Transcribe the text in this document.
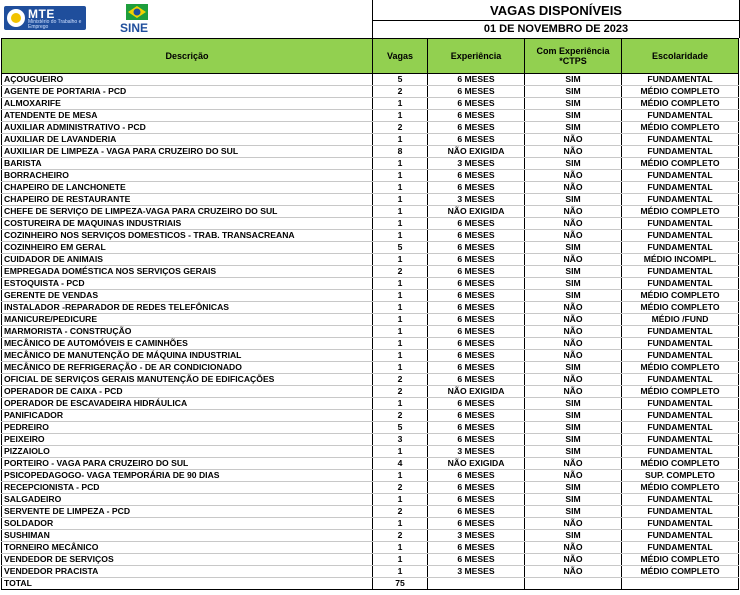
MTE
Ministério do Trabalho e Emprego	SINE
VAGAS DISPONÍVEIS
01 DE NOVEMBRO DE 2023
Descrição	Vagas	Experiência	Com Experiência *CTPS	Escolaridade
AÇOUGUEIRO	5	6 MESES	SIM	FUNDAMENTAL
AGENTE DE PORTARIA - PCD	2	6 MESES	SIM	MÉDIO COMPLETO
ALMOXARIFE	1	6 MESES	SIM	MÉDIO COMPLETO
ATENDENTE DE MESA	1	6 MESES	SIM	FUNDAMENTAL
AUXILIAR ADMINISTRATIVO - PCD	2	6 MESES	SIM	MÉDIO COMPLETO
AUXILIAR DE LAVANDERIA	1	6 MESES	NÃO	FUNDAMENTAL
AUXILIAR DE LIMPEZA - VAGA PARA CRUZEIRO DO SUL	8	NÃO EXIGIDA	NÃO	FUNDAMENTAL
BARISTA	1	3 MESES	SIM	MÉDIO COMPLETO
BORRACHEIRO	1	6 MESES	NÃO	FUNDAMENTAL
CHAPEIRO DE LANCHONETE	1	6 MESES	NÃO	FUNDAMENTAL
CHAPEIRO DE RESTAURANTE	1	3 MESES	SIM	FUNDAMENTAL
CHEFE DE SERVIÇO DE LIMPEZA-VAGA PARA CRUZEIRO DO SUL	1	NÃO EXIGIDA	NÃO	MÉDIO COMPLETO
COSTUREIRA DE MAQUINAS INDUSTRIAIS	1	6 MESES	NÃO	FUNDAMENTAL
COZINHEIRO NOS SERVIÇOS DOMESTICOS - TRAB. TRANSACREANA	1	6 MESES	NÃO	FUNDAMENTAL
COZINHEIRO EM GERAL	5	6 MESES	SIM	FUNDAMENTAL
CUIDADOR DE ANIMAIS	1	6 MESES	NÃO	MÉDIO INCOMPL.
EMPREGADA DOMÉSTICA NOS SERVIÇOS GERAIS	2	6 MESES	SIM	FUNDAMENTAL
ESTOQUISTA - PCD	1	6 MESES	SIM	FUNDAMENTAL
GERENTE DE VENDAS	1	6 MESES	SIM	MÉDIO COMPLETO
INSTALADOR -REPARADOR DE REDES TELEFÔNICAS	1	6 MESES	NÃO	MÉDIO COMPLETO
MANICURE/PEDICURE	1	6 MESES	NÃO	MÉDIO /FUND
MARMORISTA - CONSTRUÇÃO	1	6 MESES	NÃO	FUNDAMENTAL
MECÂNICO DE AUTOMÓVEIS E CAMINHÕES	1	6 MESES	NÃO	FUNDAMENTAL
MECÂNICO DE MANUTENÇÃO DE MÁQUINA INDUSTRIAL	1	6 MESES	NÃO	FUNDAMENTAL
MECÂNICO DE REFRIGERAÇÃO - DE AR CONDICIONADO	1	6 MESES	SIM	MÉDIO COMPLETO
OFICIAL DE SERVIÇOS GERAIS MANUTENÇÃO DE EDIFICAÇÕES	2	6 MESES	NÃO	FUNDAMENTAL
OPERADOR DE CAIXA - PCD	2	NÃO EXIGIDA	NÃO	MÉDIO COMPLETO
OPERADOR DE ESCAVADEIRA HIDRÁULICA	1	6 MESES	SIM	FUNDAMENTAL
PANIFICADOR	2	6 MESES	SIM	FUNDAMENTAL
PEDREIRO	5	6 MESES	SIM	FUNDAMENTAL
PEIXEIRO	3	6 MESES	SIM	FUNDAMENTAL
PIZZAIOLO	1	3 MESES	SIM	FUNDAMENTAL
PORTEIRO - VAGA PARA CRUZEIRO DO SUL	4	NÃO EXIGIDA	NÃO	MÉDIO COMPLETO
PSICOPEDAGOGO- VAGA TEMPORÁRIA DE 90 DIAS	1	6 MESES	NÃO	SUP. COMPLETO
RECEPCIONISTA - PCD	2	6 MESES	SIM	MÉDIO COMPLETO
SALGADEIRO	1	6 MESES	SIM	FUNDAMENTAL
SERVENTE DE LIMPEZA - PCD	2	6 MESES	SIM	FUNDAMENTAL
SOLDADOR	1	6 MESES	NÃO	FUNDAMENTAL
SUSHIMAN	2	3 MESES	SIM	FUNDAMENTAL
TORNEIRO MECÂNICO	1	6 MESES	NÃO	FUNDAMENTAL
VENDEDOR DE SERVIÇOS	1	6 MESES	NÃO	MÉDIO COMPLETO
VENDEDOR PRACISTA	1	3 MESES	NÃO	MÉDIO COMPLETO
TOTAL	75			
